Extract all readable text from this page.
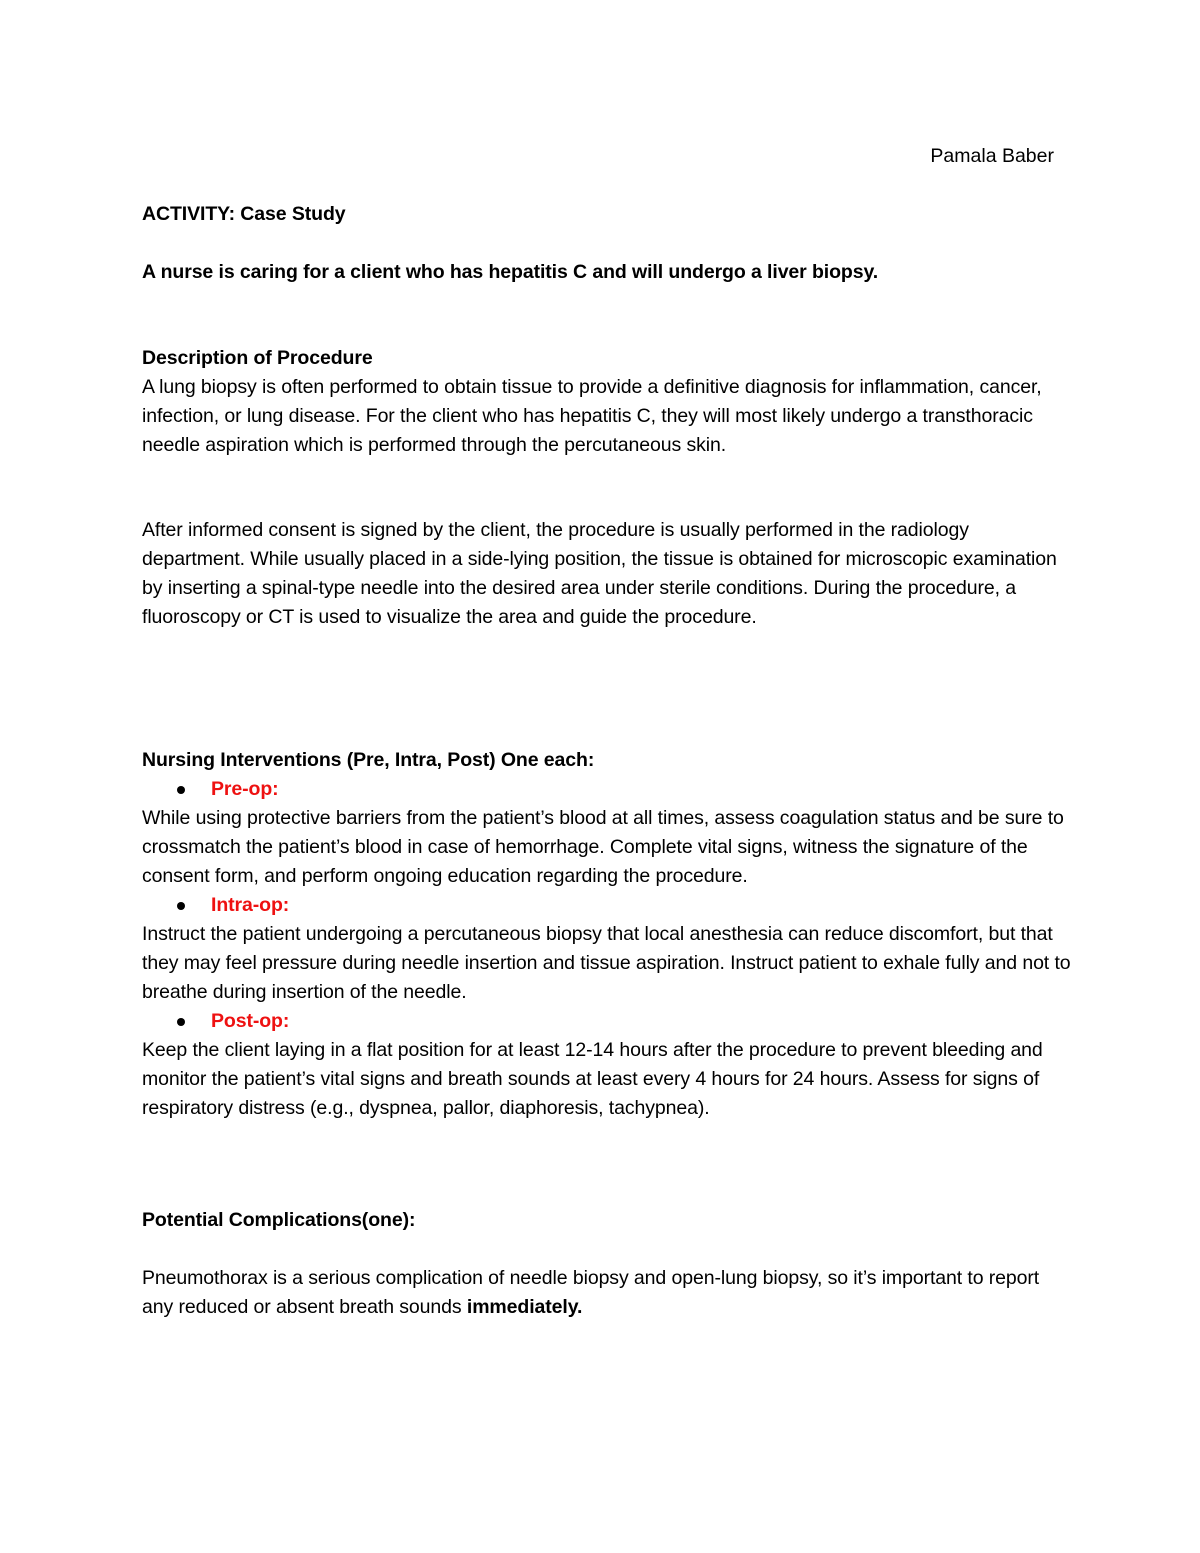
Pamala Baber

ACTIVITY: Case Study

A nurse is caring for a client who has hepatitis C and will undergo a liver biopsy.

Description of Procedure

A lung biopsy is often performed to obtain tissue to provide a definitive diagnosis for inflammation, cancer, infection, or lung disease. For the client who has hepatitis C, they will most likely undergo a transthoracic needle aspiration which is performed through the percutaneous skin.

After informed consent is signed by the client, the procedure is usually performed in the radiology department. While usually placed in a side-lying position, the tissue is obtained for microscopic examination by inserting a spinal-type needle into the desired area under sterile conditions. During the procedure, a fluoroscopy or CT is used to visualize the area and guide the procedure.

Nursing Interventions (Pre, Intra, Post) One each:

Pre-op:

While using protective barriers from the patient’s blood at all times, assess coagulation status and be sure to crossmatch the patient’s blood in case of hemorrhage. Complete vital signs, witness the signature of the consent form, and perform ongoing education regarding the procedure.

Intra-op:

Instruct the patient undergoing a percutaneous biopsy that local anesthesia can reduce discomfort, but that they may feel pressure during needle insertion and tissue aspiration. Instruct patient to exhale fully and not to breathe during insertion of the needle.

Post-op:

Keep the client laying in a flat position for at least 12-14 hours after the procedure to prevent bleeding and monitor the patient’s vital signs and breath sounds at least every 4 hours for 24 hours. Assess for signs of respiratory distress (e.g., dyspnea, pallor, diaphoresis, tachypnea).

Potential Complications(one):

Pneumothorax is a serious complication of needle biopsy and open-lung biopsy, so it’s important to report any reduced or absent breath sounds immediately.
